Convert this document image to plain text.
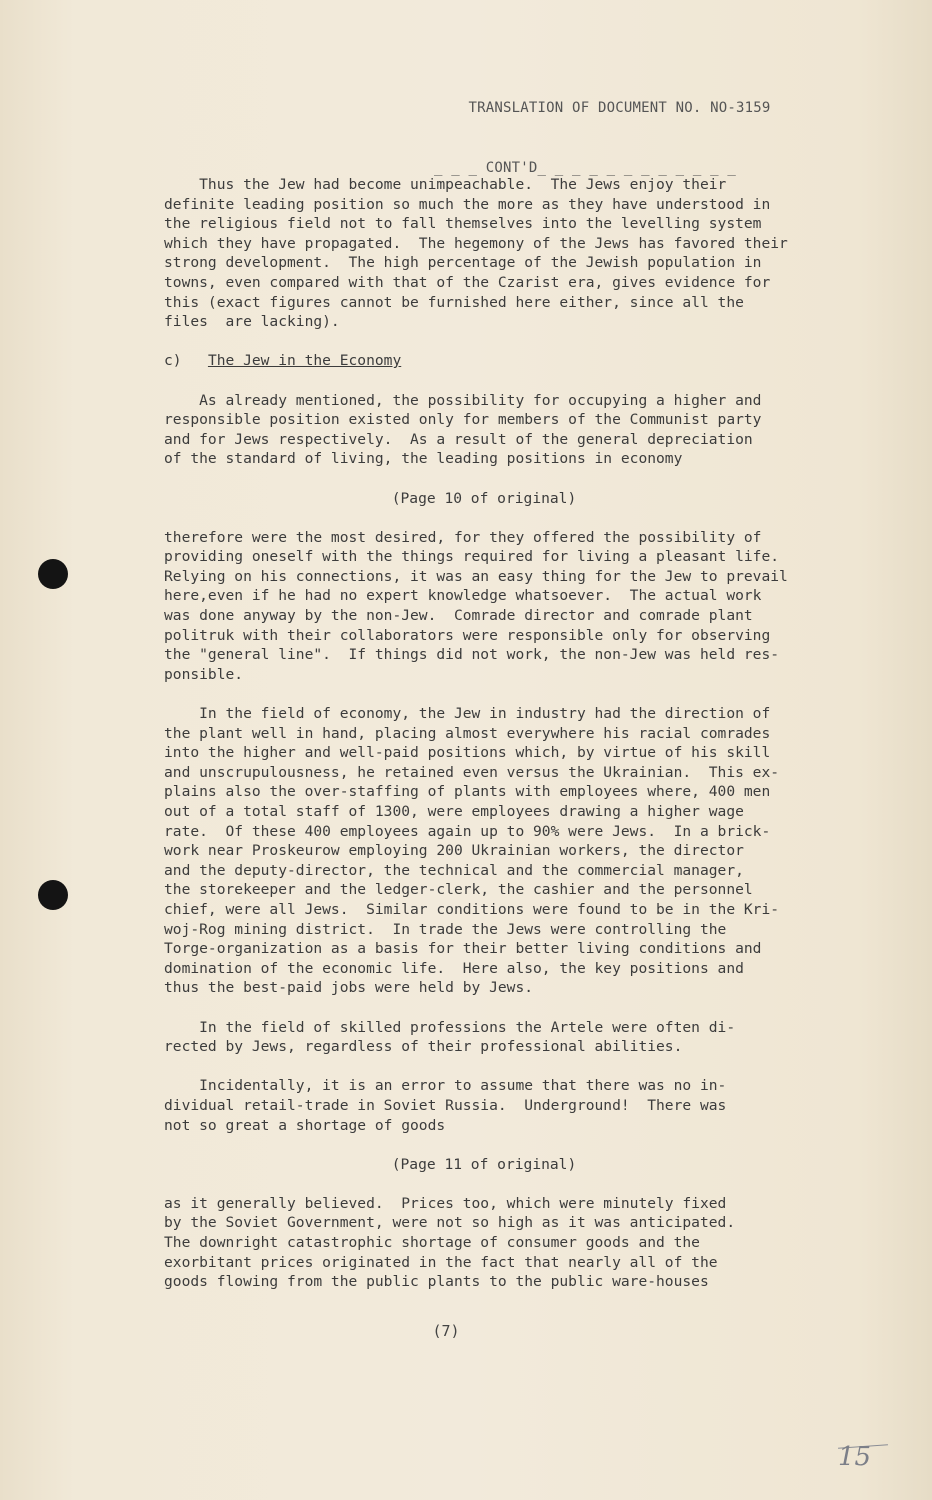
TRANSLATION OF DOCUMENT NO. NO-3159

_ _ _ CONT'D_ _ _ _ _ _ _ _ _ _ _ _

Thus the Jew had become unimpeachable.  The Jews enjoy their
definite leading position so much the more as they have understood in
the religious field not to fall themselves into the levelling system
which they have propagated.  The hegemony of the Jews has favored their
strong development.  The high percentage of the Jewish population in
towns, even compared with that of the Czarist era, gives evidence for
this (exact figures cannot be furnished here either, since all the
files  are lacking).
c) The Jew in the Economy
As already mentioned, the possibility for occupying a higher and
responsible position existed only for members of the Communist party
and for Jews respectively.  As a result of the general depreciation
of the standard of living, the leading positions in economy
(Page 10 of original)
therefore were the most desired, for they offered the possibility of
providing oneself with the things required for living a pleasant life.
Relying on his connections, it was an easy thing for the Jew to prevail
here,even if he had no expert knowledge whatsoever.  The actual work
was done anyway by the non-Jew.  Comrade director and comrade plant
politruk with their collaborators were responsible only for observing
the "general line".  If things did not work, the non-Jew was held res-
ponsible.
In the field of economy, the Jew in industry had the direction of
the plant well in hand, placing almost everywhere his racial comrades
into the higher and well-paid positions which, by virtue of his skill
and unscrupulousness, he retained even versus the Ukrainian.  This ex-
plains also the over-staffing of plants with employees where, 400 men
out of a total staff of 1300, were employees drawing a higher wage
rate.  Of these 400 employees again up to 90% were Jews.  In a brick-
work near Proskeurow employing 200 Ukrainian workers, the director
and the deputy-director, the technical and the commercial manager,
the storekeeper and the ledger-clerk, the cashier and the personnel
chief, were all Jews.  Similar conditions were found to be in the Kri-
woj-Rog mining district.  In trade the Jews were controlling the
Torge-organization as a basis for their better living conditions and
domination of the economic life.  Here also, the key positions and
thus the best-paid jobs were held by Jews.
In the field of skilled professions the Artele were often di-
rected by Jews, regardless of their professional abilities.
Incidentally, it is an error to assume that there was no in-
dividual retail-trade in Soviet Russia.  Underground!  There was
not so great a shortage of goods
(Page 11 of original)
as it generally believed.  Prices too, which were minutely fixed
by the Soviet Government, were not so high as it was anticipated.
The downright catastrophic shortage of consumer goods and the
exorbitant prices originated in the fact that nearly all of the
goods flowing from the public plants to the public ware-houses
(7)
15
